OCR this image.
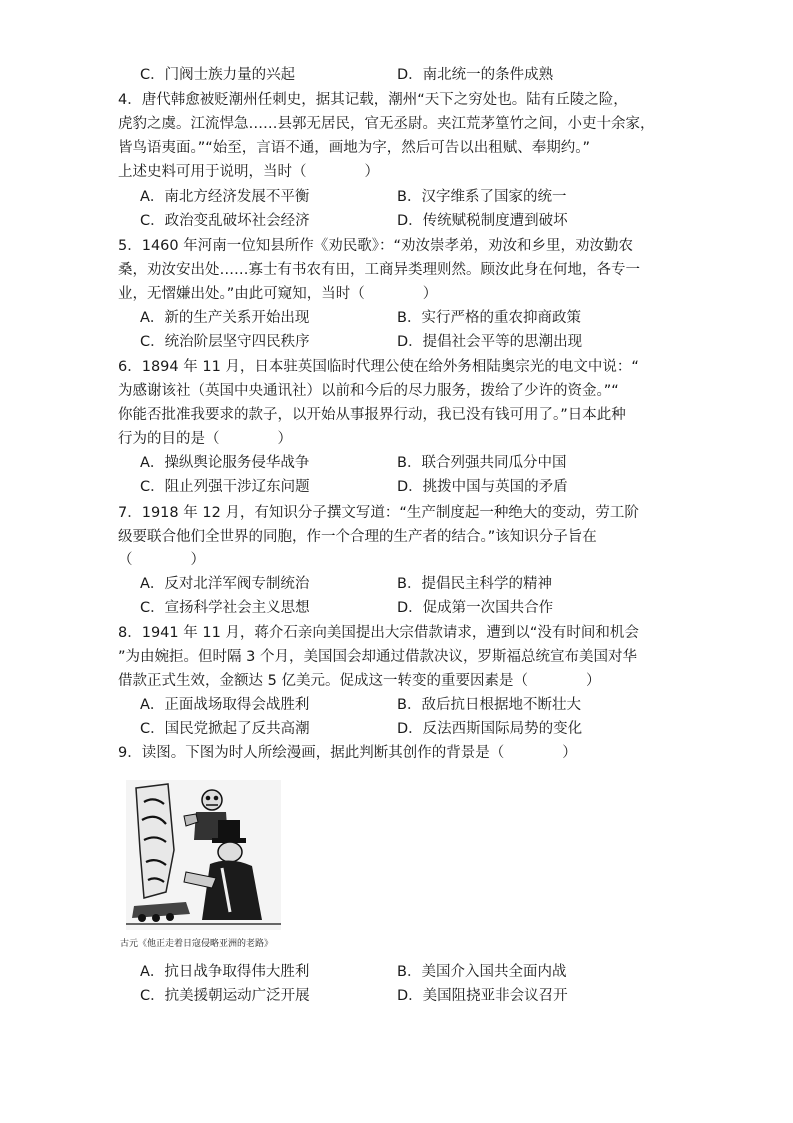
C．门阀士族力量的兴起	D．南北统一的条件成熟
4．唐代韩愈被贬潮州任刺史，据其记载，潮州“天下之穷处也。陆有丘陵之险，
虎豹之虞。江流悍急……县郭无居民，官无丞尉。夹江荒茅篁竹之间，小吏十余家，
皆鸟语夷面。”“始至，言语不通，画地为字，然后可告以出租赋、奉期约。”
上述史料可用于说明，当时（　　　　）
A．南北方经济发展不平衡	B．汉字维系了国家的统一
C．政治变乱破坏社会经济	D．传统赋税制度遭到破坏
5．1460 年河南一位知县所作《劝民歌》：“劝汝崇孝弟，劝汝和乡里，劝汝勤农
桑，劝汝安出处……寡士有书农有田，工商异类理则然。顾汝此身在何地，各专一
业，无慴嫌出处。”由此可窥知，当时（　　　　）
A．新的生产关系开始出现	B．实行严格的重农抑商政策
C．统治阶层坚守四民秩序	D．提倡社会平等的思潮出现
6．1894 年 11 月，日本驻英国临时代理公使在给外务相陆奥宗光的电文中说：“
为感谢该社（英国中央通讯社）以前和今后的尽力服务，拨给了少许的资金。”“
你能否批准我要求的款子，以开始从事报界行动，我已没有钱可用了。”日本此种
行为的目的是（　　　　）
A．操纵舆论服务侵华战争	B．联合列强共同瓜分中国
C．阻止列强干涉辽东问题	D．挑拨中国与英国的矛盾
7．1918 年 12 月，有知识分子撰文写道：“生产制度起一种绝大的变动，劳工阶
级要联合他们全世界的同胞，作一个合理的生产者的结合。”该知识分子旨在
（　　　　）
A．反对北洋军阀专制统治	B．提倡民主科学的精神
C．宣扬科学社会主义思想	D．促成第一次国共合作
8．1941 年 11 月，蒋介石亲向美国提出大宗借款请求，遭到以“没有时间和机会
”为由婉拒。但时隔 3 个月，美国国会却通过借款决议，罗斯福总统宣布美国对华
借款正式生效，金额达 5 亿美元。促成这一转变的重要因素是（　　　　）
A．正面战场取得会战胜利	B．敌后抗日根据地不断壮大
C．国民党掀起了反共高潮	D．反法西斯国际局势的变化
9．读图。下图为时人所绘漫画，据此判断其创作的背景是（　　　　）
古元《他正走着日寇侵略亚洲的老路》
A．抗日战争取得伟大胜利	B．美国介入国共全面内战
C．抗美援朝运动广泛开展	D．美国阻挠亚非会议召开
